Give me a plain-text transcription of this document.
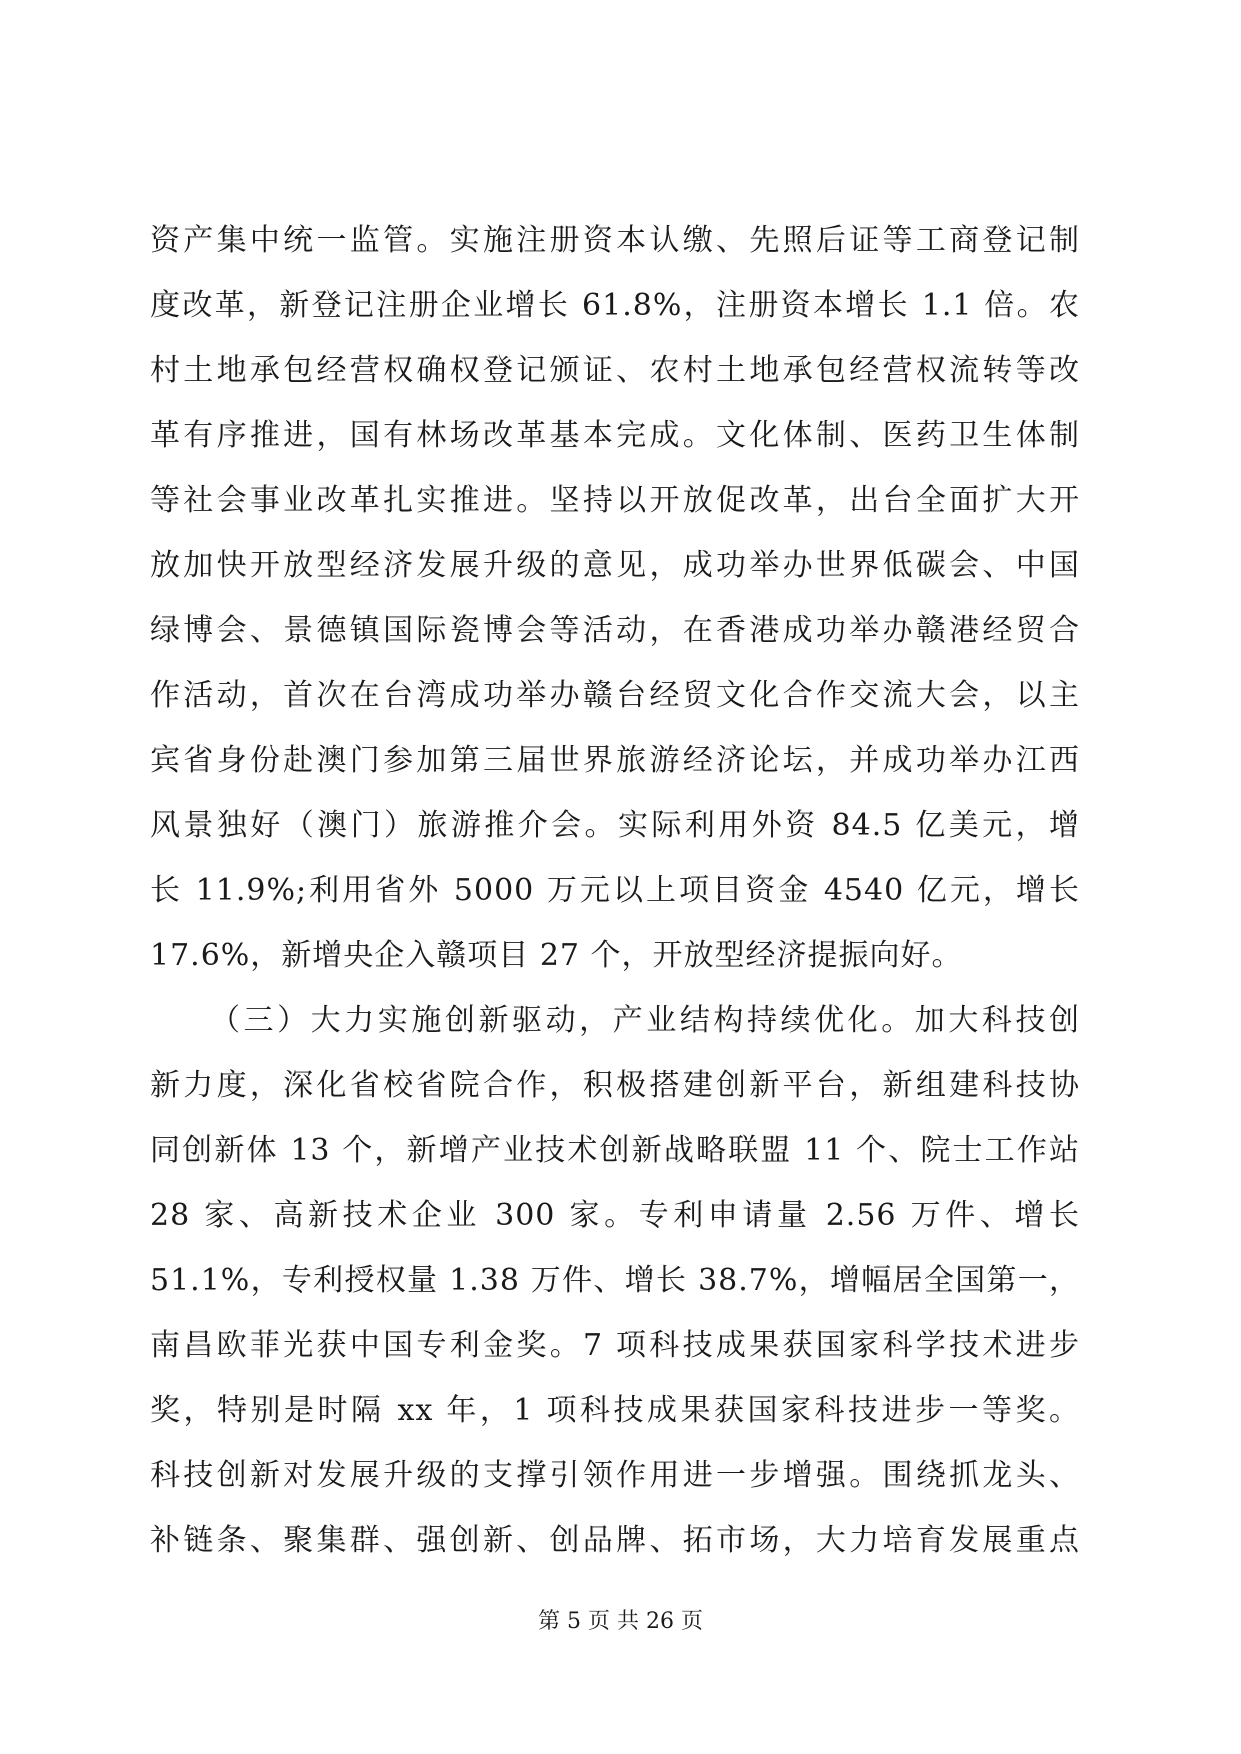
资产集中统一监管。实施注册资本认缴、先照后证等工商登记制
度改革，新登记注册企业增长 61.8%，注册资本增长 1.1 倍。农
村土地承包经营权确权登记颁证、农村土地承包经营权流转等改
革有序推进，国有林场改革基本完成。文化体制、医药卫生体制
等社会事业改革扎实推进。坚持以开放促改革，出台全面扩大开
放加快开放型经济发展升级的意见，成功举办世界低碳会、中国
绿博会、景德镇国际瓷博会等活动，在香港成功举办赣港经贸合
作活动，首次在台湾成功举办赣台经贸文化合作交流大会，以主
宾省身份赴澳门参加第三届世界旅游经济论坛，并成功举办江西
风景独好（澳门）旅游推介会。实际利用外资 84.5 亿美元，增
长 11.9%;利用省外 5000 万元以上项目资金 4540 亿元，增长
17.6%，新增央企入赣项目 27 个，开放型经济提振向好。
（三）大力实施创新驱动，产业结构持续优化。加大科技创
新力度，深化省校省院合作，积极搭建创新平台，新组建科技协
同创新体 13 个，新增产业技术创新战略联盟 11 个、院士工作站
28 家、高新技术企业 300 家。专利申请量 2.56 万件、增长
51.1%，专利授权量 1.38 万件、增长 38.7%，增幅居全国第一，
南昌欧菲光获中国专利金奖。7 项科技成果获国家科学技术进步
奖，特别是时隔 xx 年，1 项科技成果获国家科技进步一等奖。
科技创新对发展升级的支撑引领作用进一步增强。围绕抓龙头、
补链条、聚集群、强创新、创品牌、拓市场，大力培育发展重点
第 5 页 共 26 页
